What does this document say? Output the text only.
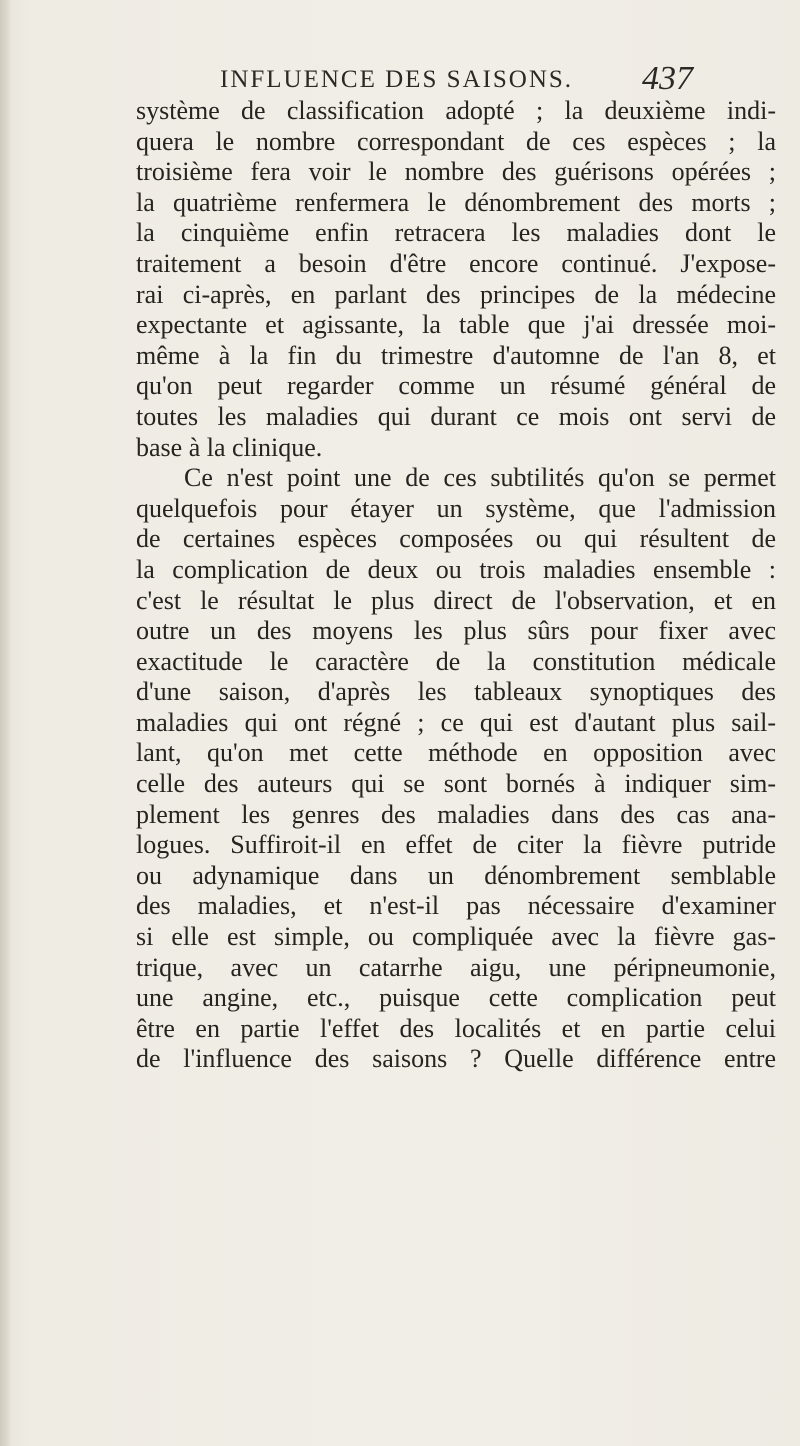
INFLUENCE DES SAISONS. 437
système de classification adopté ; la deuxième indi-
quera le nombre correspondant de ces espèces ; la
troisième fera voir le nombre des guérisons opérées ;
la quatrième renfermera le dénombrement des morts ;
la cinquième enfin retracera les maladies dont le
traitement a besoin d'être encore continué. J'expose-
rai ci-après, en parlant des principes de la médecine
expectante et agissante, la table que j'ai dressée moi-
même à la fin du trimestre d'automne de l'an 8, et
qu'on peut regarder comme un résumé général de
toutes les maladies qui durant ce mois ont servi de
base à la clinique.
Ce n'est point une de ces subtilités qu'on se permet
quelquefois pour étayer un système, que l'admission
de certaines espèces composées ou qui résultent de
la complication de deux ou trois maladies ensemble :
c'est le résultat le plus direct de l'observation, et en
outre un des moyens les plus sûrs pour fixer avec
exactitude le caractère de la constitution médicale
d'une saison, d'après les tableaux synoptiques des
maladies qui ont régné ; ce qui est d'autant plus sail-
lant, qu'on met cette méthode en opposition avec
celle des auteurs qui se sont bornés à indiquer sim-
plement les genres des maladies dans des cas ana-
logues. Suffiroit-il en effet de citer la fièvre putride
ou adynamique dans un dénombrement semblable
des maladies, et n'est-il pas nécessaire d'examiner
si elle est simple, ou compliquée avec la fièvre gas-
trique, avec un catarrhe aigu, une péripneumonie,
une angine, etc., puisque cette complication peut
être en partie l'effet des localités et en partie celui
de l'influence des saisons ? Quelle différence entre
